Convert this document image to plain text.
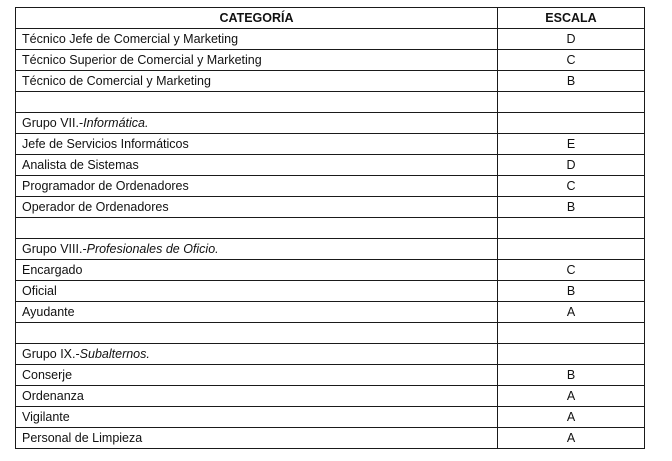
CATEGORÍA	ESCALA
Técnico Jefe de Comercial y Marketing	D
Técnico Superior de Comercial y Marketing	C
Técnico de Comercial y Marketing	B

Grupo VII.-Informática.	
Jefe de Servicios Informáticos	E
Analista de Sistemas	D
Programador de Ordenadores	C
Operador de Ordenadores	B

Grupo VIII.-Profesionales de Oficio.	
Encargado	C
Oficial	B
Ayudante	A

Grupo IX.-Subalternos.	
Conserje	B
Ordenanza	A
Vigilante	A
Personal de Limpieza	A
